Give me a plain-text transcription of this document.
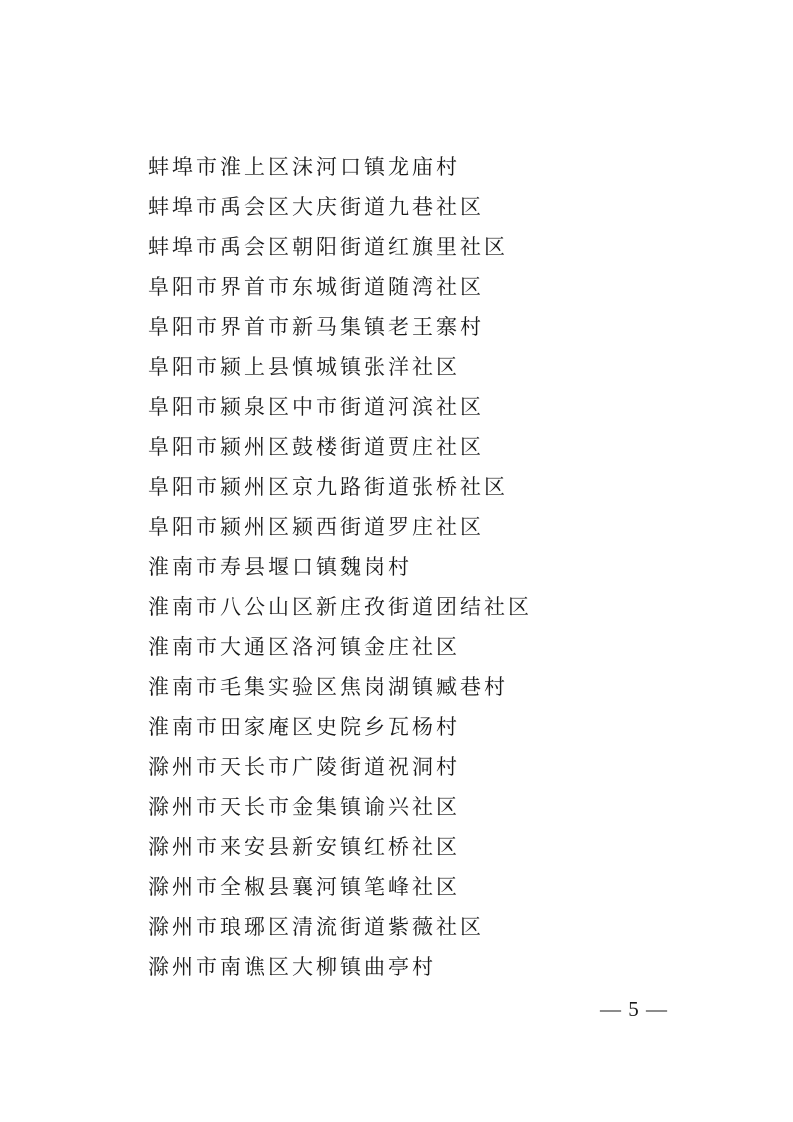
蚌埠市淮上区沫河口镇龙庙村
蚌埠市禹会区大庆街道九巷社区
蚌埠市禹会区朝阳街道红旗里社区
阜阳市界首市东城街道随湾社区
阜阳市界首市新马集镇老王寨村
阜阳市颍上县慎城镇张洋社区
阜阳市颍泉区中市街道河滨社区
阜阳市颍州区鼓楼街道贾庄社区
阜阳市颍州区京九路街道张桥社区
阜阳市颍州区颍西街道罗庄社区
淮南市寿县堰口镇魏岗村
淮南市八公山区新庄孜街道团结社区
淮南市大通区洛河镇金庄社区
淮南市毛集实验区焦岗湖镇臧巷村
淮南市田家庵区史院乡瓦杨村
滁州市天长市广陵街道祝洞村
滁州市天长市金集镇谕兴社区
滁州市来安县新安镇红桥社区
滁州市全椒县襄河镇笔峰社区
滁州市琅琊区清流街道紫薇社区
滁州市南谯区大柳镇曲亭村
— 5 —
